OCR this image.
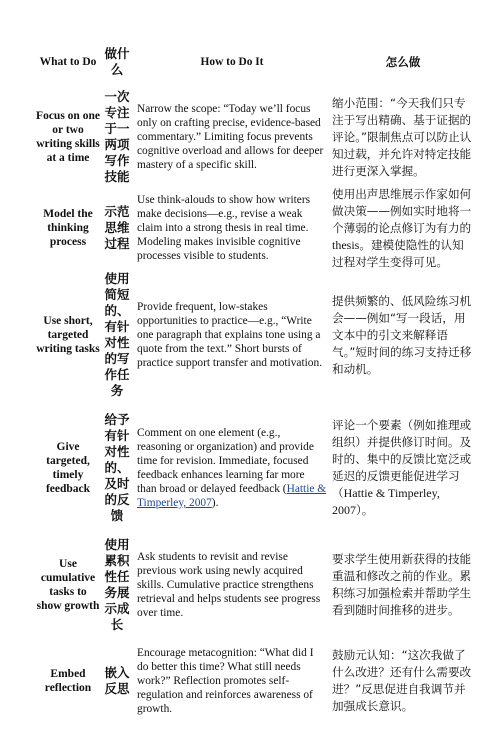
What to Do	做什么	How to Do It	怎么做
Focus on one or two writing skills at a time	一次专注于一两项写作技能	Narrow the scope: “Today we’ll focus only on crafting precise, evidence-based commentary.” Limiting focus prevents cognitive overload and allows for deeper mastery of a specific skill.	缩小范围：“今天我们只专注于写出精确、基于证据的评论。”限制焦点可以防止认知过载，并允许对特定技能进行更深入掌握。
Model the thinking process	示范思维过程	Use think-alouds to show how writers make decisions—e.g., revise a weak claim into a strong thesis in real time. Modeling makes invisible cognitive processes visible to students.	使用出声思维展示作家如何做决策——例如实时地将一个薄弱的论点修订为有力的 thesis。建模使隐性的认知过程对学生变得可见。
Use short, targeted writing tasks	使用简短的、有针对性的写作任务	Provide frequent, low-stakes opportunities to practice—e.g., “Write one paragraph that explains tone using a quote from the text.” Short bursts of practice support transfer and motivation.	提供频繁的、低风险练习机会——例如“写一段话，用文本中的引文来解释语气。”短时间的练习支持迁移和动机。
Give targeted, timely feedback	给予有针对性的、及时的反馈	Comment on one element (e.g., reasoning or organization) and provide time for revision. Immediate, focused feedback enhances learning far more than broad or delayed feedback (Hattie & Timperley, 2007).	评论一个要素（例如推理或组织）并提供修订时间。及时的、集中的反馈比宽泛或延迟的反馈更能促进学习（Hattie & Timperley, 2007）。
Use cumulative tasks to show growth	使用累积性任务展示成长	Ask students to revisit and revise previous work using newly acquired skills. Cumulative practice strengthens retrieval and helps students see progress over time.	要求学生使用新获得的技能重温和修改之前的作业。累积练习加强检索并帮助学生看到随时间推移的进步。
Embed reflection	嵌入反思	Encourage metacognition: “What did I do better this time? What still needs work?” Reflection promotes self-regulation and reinforces awareness of growth.	鼓励元认知：“这次我做了什么改进？还有什么需要改进？”反思促进自我调节并加强成长意识。
